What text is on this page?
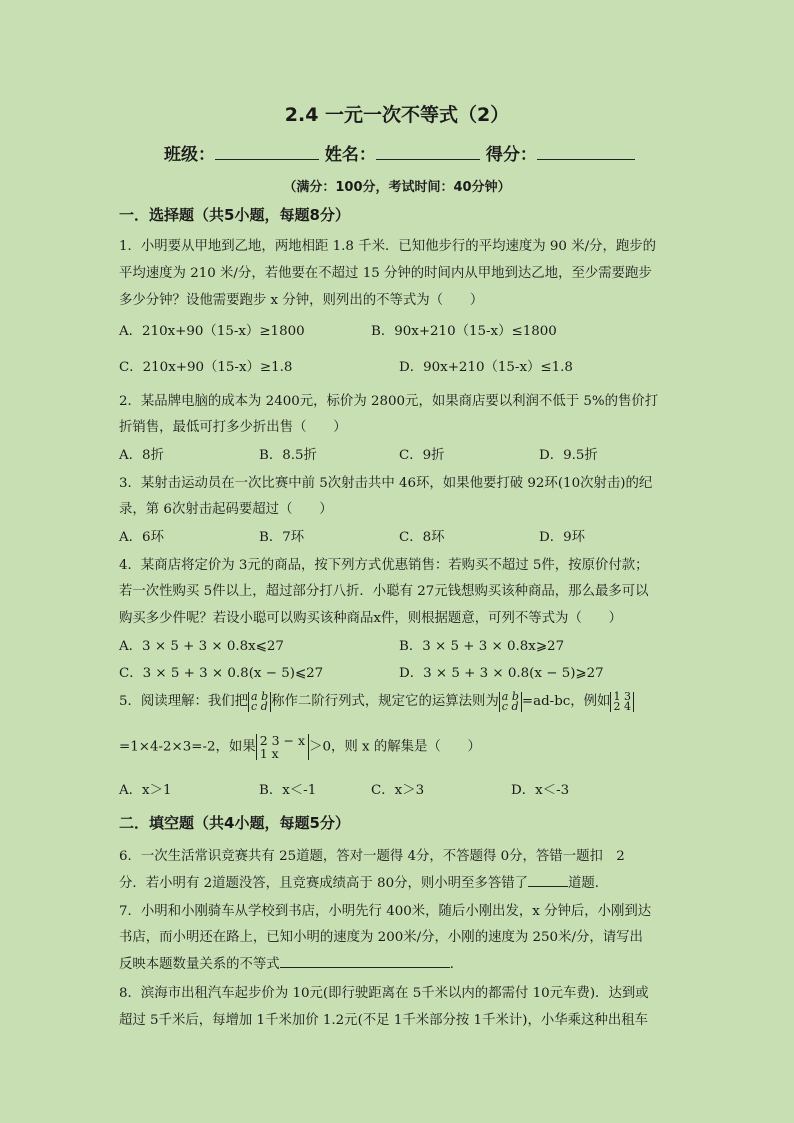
2.4 一元一次不等式（2）
班级：	姓名：	得分：
（满分：100分，考试时间：40分钟）
一．选择题（共5小题，每题8分）
1．小明要从甲地到乙地，两地相距 1.8 千米．已知他步行的平均速度为 90 米/分，跑步的
平均速度为 210 米/分，若他要在不超过 15 分钟的时间内从甲地到达乙地，至少需要跑步
多少分钟？设他需要跑步 x 分钟，则列出的不等式为（　　）
A．210x+90（15-x）≥1800	B．90x+210（15-x）≤1800
C．210x+90（15-x）≥1.8	D．90x+210（15-x）≤1.8
2．某品牌电脑的成本为 2400元，标价为 2800元，如果商店要以利润不低于 5%的售价打
折销售，最低可打多少折出售（　　）
A．8折	B．8.5折	C．9折	D．9.5折
3．某射击运动员在一次比赛中前 5次射击共中 46环，如果他要打破 92环(10次射击)的纪
录，第 6次射击起码要超过（　　）
A．6环	B．7环	C．8环	D．9环
4．某商店将定价为 3元的商品，按下列方式优惠销售：若购买不超过 5件，按原价付款；
若一次性购买 5件以上，超过部分打八折．小聪有 27元钱想购买该种商品，那么最多可以
购买多少件呢？若设小聪可以购买该种商品x件，则根据题意，可列不等式为（　　）
A．3 × 5 + 3 × 0.8x⩽27	B．3 × 5 + 3 × 0.8x⩾27
C．3 × 5 + 3 × 0.8(x − 5)⩽27	D．3 × 5 + 3 × 0.8(x − 5)⩾27
5．阅读理解：我们把 a b
c d 称作二阶行列式，规定它的运算法则为 a b
c d =ad-bc，例如 1 3
2 4
=1×4-2×3=-2，如果 2 3 − x
1 x	＞0，则 x 的解集是（　　）
A．x＞1	B．x＜-1	C．x＞3	D．x＜-3
二．填空题（共4小题，每题5分）
6．一次生活常识竞赛共有 25道题，答对一题得 4分，不答题得 0分，答错一题扣　2
分．若小明有 2道题没答，且竞赛成绩高于 80分，则小明至多答错了	道题．
7．小明和小刚骑车从学校到书店，小明先行 400米，随后小刚出发，x 分钟后，小刚到达
书店，而小明还在路上，已知小明的速度为 200米/分，小刚的速度为 250米/分，请写出
反映本题数量关系的不等式	．
8．滨海市出租汽车起步价为 10元(即行驶距离在 5千米以内的都需付 10元车费)．达到或
超过 5千米后，每增加 1千米加价 1.2元(不足 1千米部分按 1千米计)，小华乘这种出租车
